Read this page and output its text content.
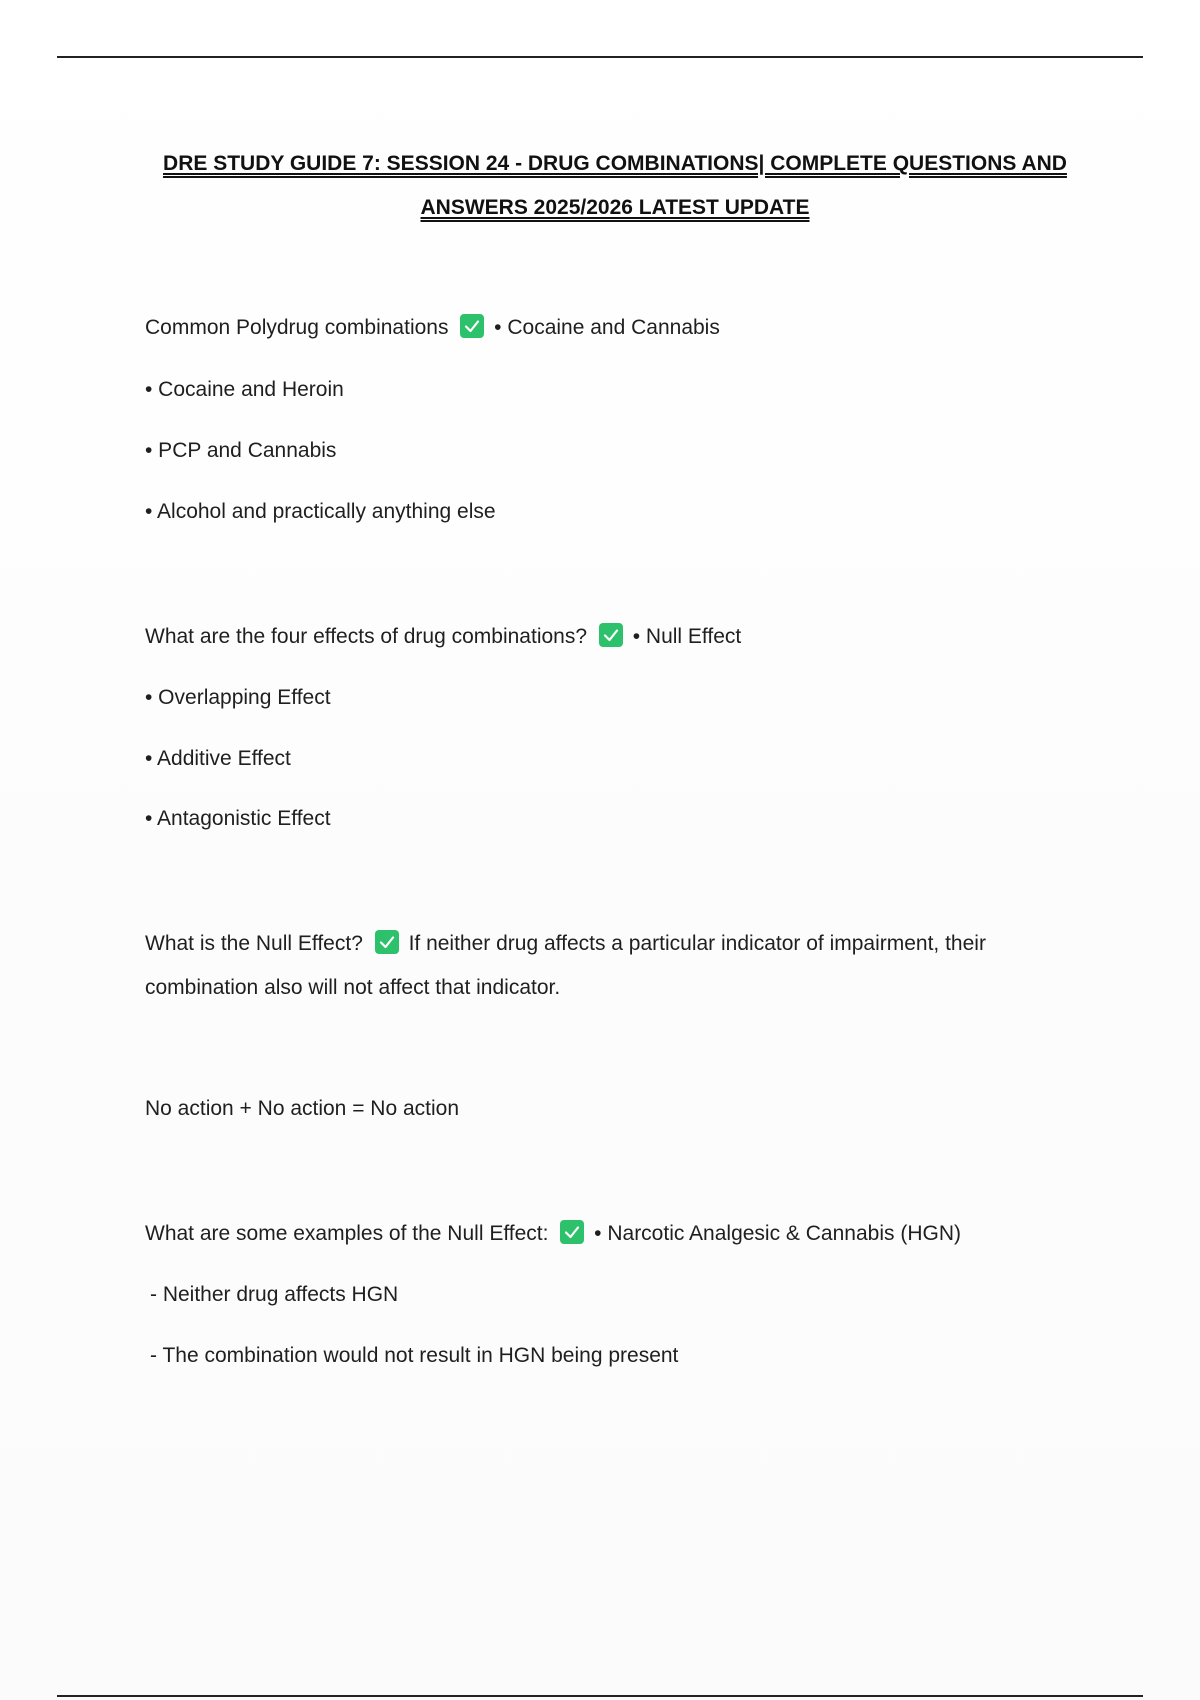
DRE STUDY GUIDE 7: SESSION 24 - DRUG COMBINATIONS| COMPLETE QUESTIONS AND
ANSWERS 2025/2026 LATEST UPDATE
Common Polydrug combinations • Cocaine and Cannabis
• Cocaine and Heroin
• PCP and Cannabis
• Alcohol and practically anything else
What are the four effects of drug combinations? • Null Effect
• Overlapping Effect
• Additive Effect
• Antagonistic Effect
What is the Null Effect? If neither drug affects a particular indicator of impairment, their
combination also will not affect that indicator.
No action + No action = No action
What are some examples of the Null Effect: • Narcotic Analgesic & Cannabis (HGN)
- Neither drug affects HGN
- The combination would not result in HGN being present
